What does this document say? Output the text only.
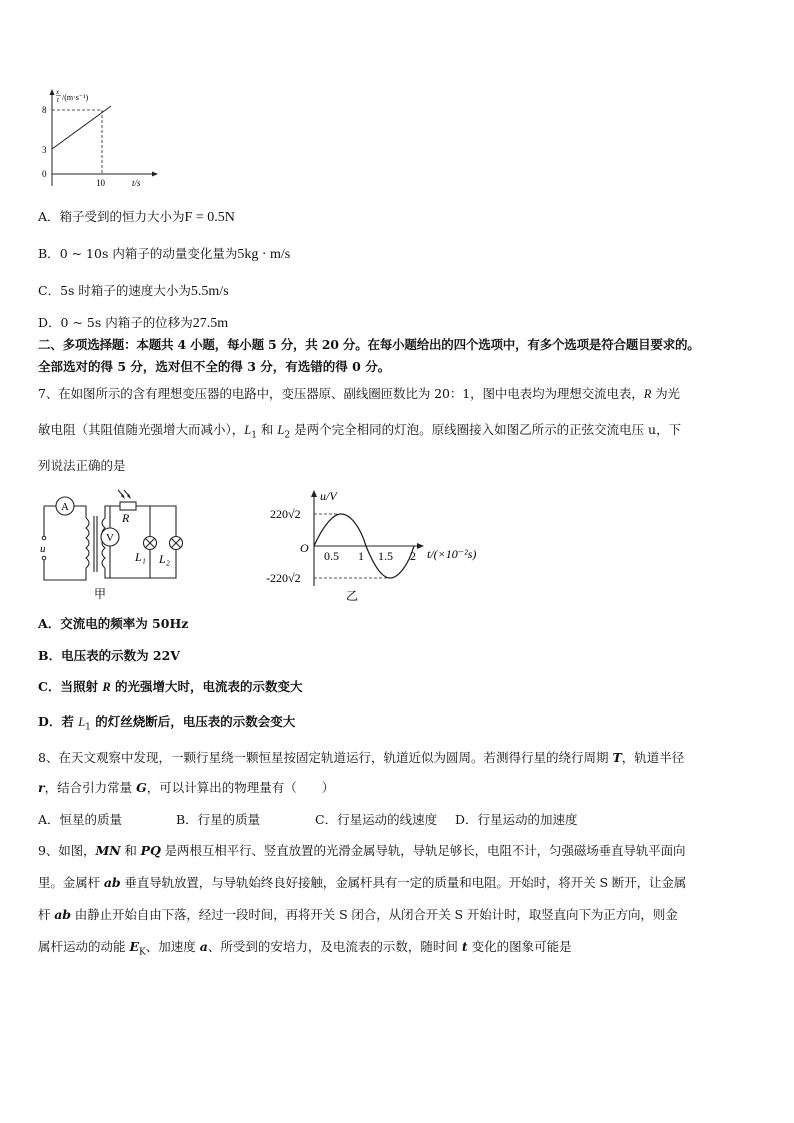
x
t /(m·s⁻¹)
8
3
0
10	t/s
A．箱子受到的恒力大小为F = 0.5N
B．0 ~ 10s 内箱子的动量变化量为5kg · m/s
C．5s 时箱子的速度大小为5.5m/s
D．0 ~ 5s 内箱子的位移为27.5m
二、多项选择题：本题共 4 小题，每小题 5 分，共 20 分。在每小题给出的四个选项中，有多个选项是符合题目要求的。
全部选对的得 5 分，选对但不全的得 3 分，有选错的得 0 分。
7、在如图所示的含有理想变压器的电路中，变压器原、副线圈匝数比为 20：1，图中电表均为理想交流电表，R 为光
敏电阻（其阻值随光强增大而减小），$L_1$ 和 $L_2$ 是两个完全相同的灯泡。原线圈接入如图乙所示的正弦交流电压 u，下
列说法正确的是
A
V
u
R
L₁ L₂
甲
u/V
220√2
-220√2
O
0.5 1 1.5 2 t/(×10⁻²s)
乙
A．交流电的频率为 50Hz
B．电压表的示数为 22V
C．当照射 R 的光强增大时，电流表的示数变大
D．若 $L_1$ 的灯丝烧断后，电压表的示数会变大
8、在天文观察中发现，一颗行星绕一颗恒星按固定轨道运行，轨道近似为圆周。若测得行星的绕行周期 T，轨道半径
r，结合引力常量 G，可以计算出的物理量有（　　）
A．恒星的质量	B．行星的质量	C．行星运动的线速度 D．行星运动的加速度
9、如图，MN 和 PQ 是两根互相平行、竖直放置的光滑金属导轨，导轨足够长，电阻不计，匀强磁场垂直导轨平面向
里。金属杆 ab 垂直导轨放置，与导轨始终良好接触，金属杆具有一定的质量和电阻。开始时，将开关 S 断开，让金属
杆 ab 由静止开始自由下落，经过一段时间，再将开关 S 闭合，从闭合开关 S 开始计时，取竖直向下为正方向，则金
属杆运动的动能 $E_K$、加速度 a、所受到的安培力，及电流表的示数，随时间 t 变化的图象可能是
